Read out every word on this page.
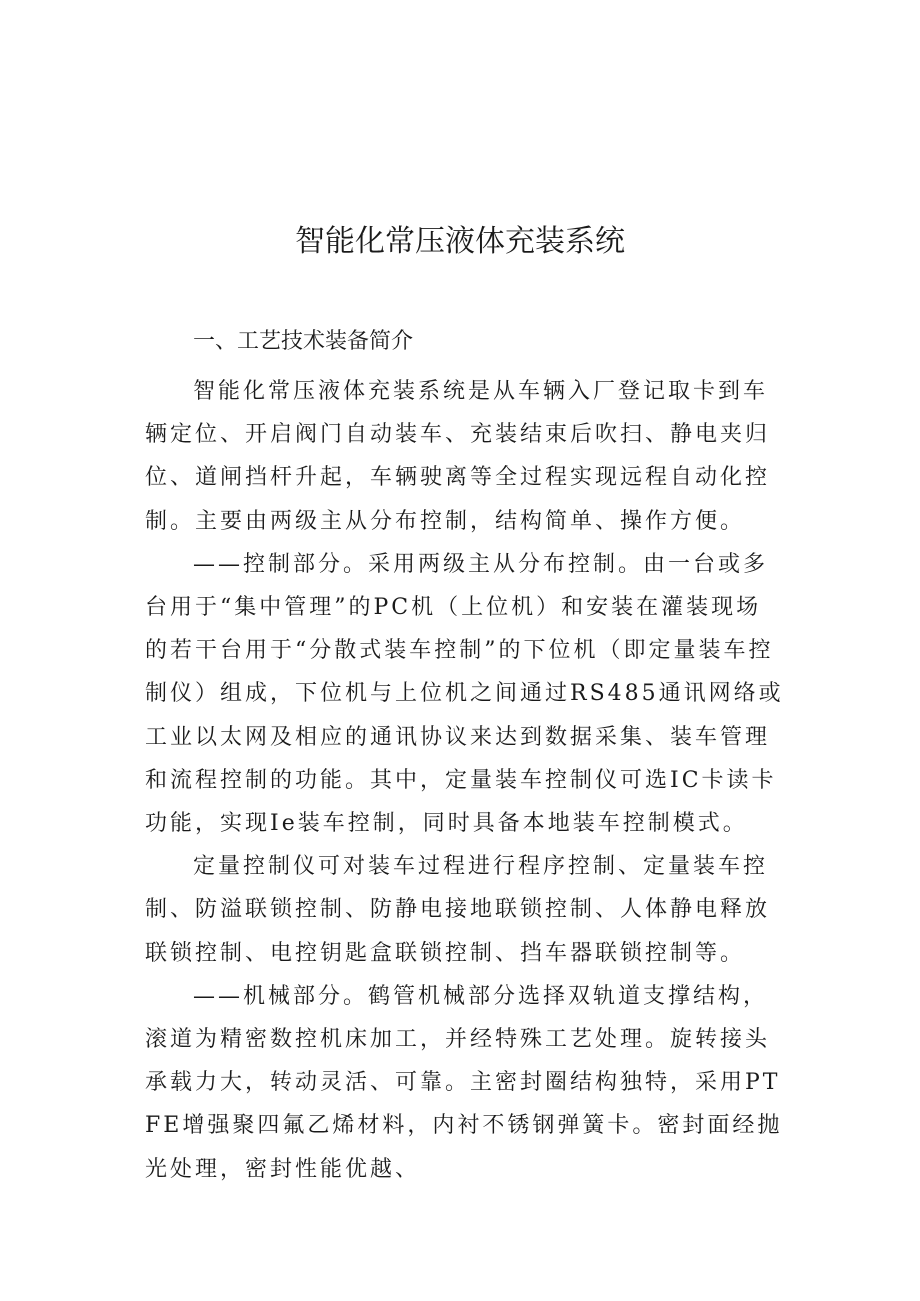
智能化常压液体充装系统
一、工艺技术装备简介

智能化常压液体充装系统是从车辆入厂登记取卡到车辆定位、开启阀门自动装车、充装结束后吹扫、静电夹归位、道闸挡杆升起，车辆驶离等全过程实现远程自动化控制。主要由两级主从分布控制，结构简单、操作方便。

——控制部分。采用两级主从分布控制。由一台或多台用于“集中管理”的PC机（上位机）和安装在灌装现场的若干台用于“分散式装车控制”的下位机（即定量装车控制仪）组成，下位机与上位机之间通过RS485通讯网络或工业以太网及相应的通讯协议来达到数据采集、装车管理和流程控制的功能。其中，定量装车控制仪可选IC卡读卡功能，实现Ie装车控制，同时具备本地装车控制模式。

定量控制仪可对装车过程进行程序控制、定量装车控制、防溢联锁控制、防静电接地联锁控制、人体静电释放联锁控制、电控钥匙盒联锁控制、挡车器联锁控制等。

——机械部分。鹤管机械部分选择双轨道支撑结构，滚道为精密数控机床加工，并经特殊工艺处理。旋转接头承载力大，转动灵活、可靠。主密封圈结构独特，采用PTFE增强聚四氟乙烯材料，内衬不锈钢弹簧卡。密封面经抛光处理，密封性能优越、
